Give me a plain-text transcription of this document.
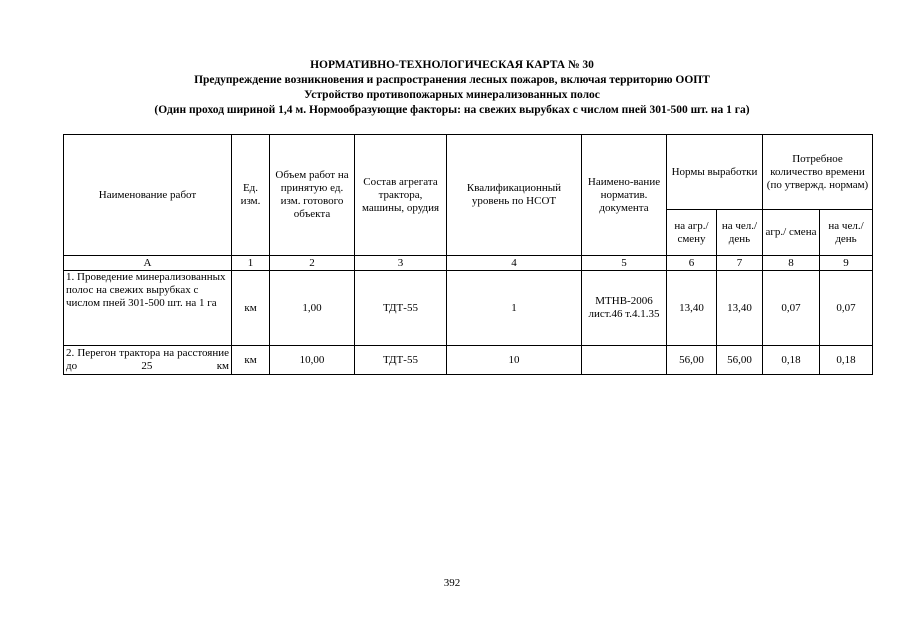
НОРМАТИВНО-ТЕХНОЛОГИЧЕСКАЯ КАРТА № 30
Предупреждение возникновения и распространения лесных пожаров, включая территорию ООПТ
Устройство противопожарных минерализованных полос
(Один проход шириной 1,4 м. Нормообразующие факторы: на свежих вырубках с числом пней 301-500 шт. на 1 га)
Наименование работ	Ед. изм.	Объем работ на принятую ед. изм. готового объекта	Состав агрегата трактора, машины, орудия	Квалификационный уровень по НСОТ	Наимено-вание норматив. документа	Нормы выработки		Потребное количество времени (по утвержд. нормам)	
						на агр./ смену	на чел./ день	агр./ смена	на чел./ день
А	1	2	3	4	5	6	7	8	9
1. Проведение минерализованных полос на свежих вырубках с числом пней 301-500 шт. на 1 га	км	1,00	ТДТ-55	1	МТНВ-2006 лист.46 т.4.1.35	13,40	13,40	0,07	0,07
2. Перегон трактора на расстояние до 25 км	км	10,00	ТДТ-55	10		56,00	56,00	0,18	0,18
392
